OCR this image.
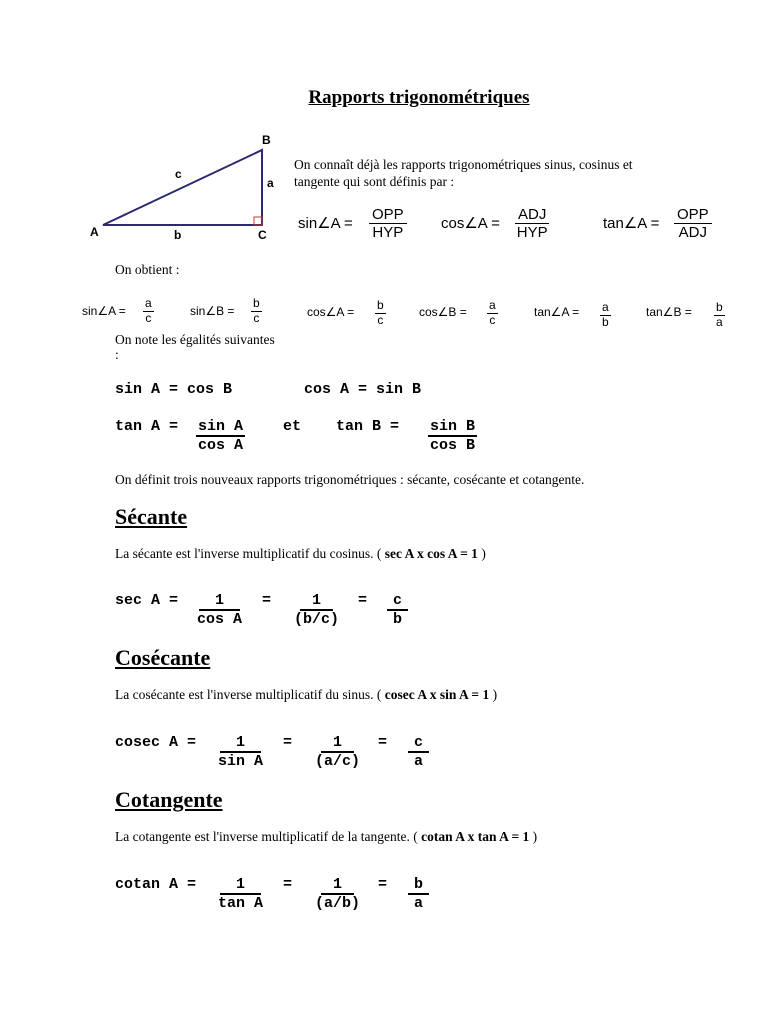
Rapports trigonométriques
B
A	C
a
b
c
On connaît déjà les rapports trigonométriques sinus, cosinus et
tangente qui sont définis par :
sin∠A =
OPP
HYP
cos∠A =
ADJ
HYP
tan∠A =
OPP
ADJ
On obtient :
sin∠A = $\frac{a}{c}$	sin∠B = $\frac{b}{c}$	cos∠A = $\frac{b}{c}$	cos∠B = $\frac{a}{c}$	tan∠A = $\frac{a}{b}$	tan∠B = $\frac{b}{a}$
On note les égalités suivantes
:
sin A = cos B	cos A = sin B
$\tan A = \frac{\text{sin A}}{\text{cos A}}$	et $\tan B = \frac{\text{sin B}}{\text{cos B}}$
On définit trois nouveaux rapports trigonométriques : sécante, cosécante et cotangente.
Sécante
La sécante est l'inverse multiplicatif du cosinus. ( sec A x cos A = 1 )
$\sec A = \frac{1}{\text{cos A}} = \frac{1}{(b/c)} = \frac{c}{b}$
Cosécante
La cosécante est l'inverse multiplicatif du sinus. ( cosec A x sin A = 1 )
cosec $A = \frac{1}{\text{sin A}} = \frac{1}{(a/c)} = \frac{c}{a}$
Cotangente
La cotangente est l'inverse multiplicatif de la tangente. ( cotan A x tan A = 1 )
cotan $A = \frac{1}{\text{tan A}} = \frac{1}{(a/b)} = \frac{b}{a}$
